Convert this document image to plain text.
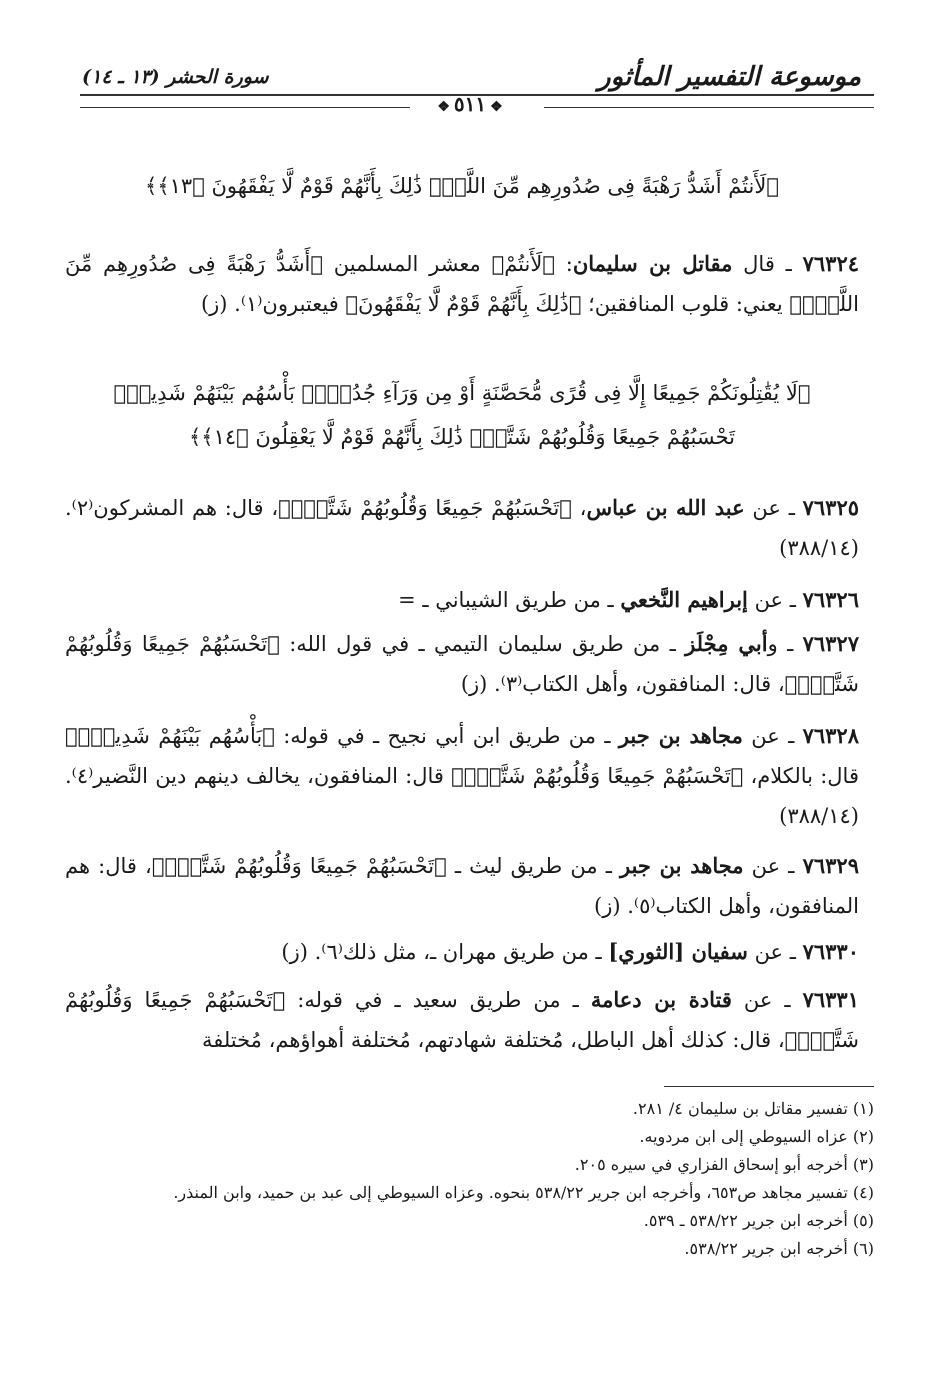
موسوعة التفسير المأثور
سورة الحشر (١٣ ـ ١٤)
❖٥١١❖
﴿لَأَنتُمْ أَشَدُّ رَهْبَةً فِى صُدُورِهِم مِّنَ اللَّهِۚ ذَٰلِكَ بِأَنَّهُمْ قَوْمٌ لَّا يَفْقَهُونَ ﴿١٣﴾﴾
٧٦٣٢٤ ـ قال مقاتل بن سليمان: ﴿لَأَنتُمْ﴾ معشر المسلمين ﴿أَشَدُّ رَهْبَةً فِى صُدُورِهِم مِّنَ اللَّهِۚ﴾ يعني: قلوب المنافقين؛ ﴿ذَٰلِكَ بِأَنَّهُمْ قَوْمٌ لَّا يَفْقَهُونَ﴾ فيعتبرون⁽١⁾. (ز)
﴿لَا يُقَٰتِلُونَكُمْ جَمِيعًا إِلَّا فِى قُرًى مُّحَصَّنَةٍ أَوْ مِن وَرَآءِ جُدُرٍۭۚ بَأْسُهُم بَيْنَهُمْ شَدِيدٌۚ
تَحْسَبُهُمْ جَمِيعًا وَقُلُوبُهُمْ شَتَّىٰۚ ذَٰلِكَ بِأَنَّهُمْ قَوْمٌ لَّا يَعْقِلُونَ ﴿١٤﴾﴾
٧٦٣٢٥ ـ عن عبد الله بن عباس، ﴿تَحْسَبُهُمْ جَمِيعًا وَقُلُوبُهُمْ شَتَّىٰۚ﴾، قال: هم المشركون⁽٢⁾. (٣٨٨/١٤)
٧٦٣٢٦ ـ عن إبراهيم النَّخعي ـ من طريق الشيباني ـ =
٧٦٣٢٧ ـ وأبي مِجْلَز ـ من طريق سليمان التيمي ـ في قول الله: ﴿تَحْسَبُهُمْ جَمِيعًا وَقُلُوبُهُمْ شَتَّىٰۚ﴾، قال: المنافقون، وأهل الكتاب⁽٣⁾. (ز)
٧٦٣٢٨ ـ عن مجاهد بن جبر ـ من طريق ابن أبي نجيح ـ في قوله: ﴿بَأْسُهُم بَيْنَهُمْ شَدِيدٌۚ﴾ قال: بالكلام، ﴿تَحْسَبُهُمْ جَمِيعًا وَقُلُوبُهُمْ شَتَّىٰۚ﴾ قال: المنافقون، يخالف دينهم دين النَّضير⁽٤⁾. (٣٨٨/١٤)
٧٦٣٢٩ ـ عن مجاهد بن جبر ـ من طريق ليث ـ ﴿تَحْسَبُهُمْ جَمِيعًا وَقُلُوبُهُمْ شَتَّىٰۚ﴾، قال: هم المنافقون، وأهل الكتاب⁽٥⁾. (ز)
٧٦٣٣٠ ـ عن سفيان [الثوري] ـ من طريق مهران ـ، مثل ذلك⁽٦⁾. (ز)
٧٦٣٣١ ـ عن قتادة بن دعامة ـ من طريق سعيد ـ في قوله: ﴿تَحْسَبُهُمْ جَمِيعًا وَقُلُوبُهُمْ شَتَّىٰۚ﴾، قال: كذلك أهل الباطل، مُختلفة شهادتهم، مُختلفة أهواؤهم، مُختلفة
(١) تفسير مقاتل بن سليمان ٤/ ٢٨١.
(٢) عزاه السيوطي إلى ابن مردويه.
(٣) أخرجه أبو إسحاق الفزاري في سيره ٢٠٥.
(٤) تفسير مجاهد ص٦٥٣، وأخرجه ابن جرير ٥٣٨/٢٢ بنحوه. وعزاه السيوطي إلى عبد بن حميد، وابن المنذر.
(٥) أخرجه ابن جرير ٥٣٨/٢٢ ـ ٥٣٩.
(٦) أخرجه ابن جرير ٥٣٨/٢٢.
